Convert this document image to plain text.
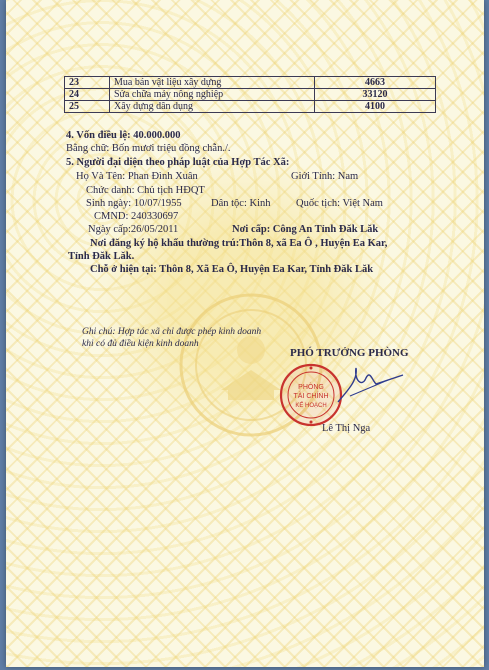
23	Mua bán vật liệu xây dựng	4663
24	Sửa chữa máy nông nghiệp	33120
25	Xây dựng dân dụng	4100
4. Vốn điều lệ: 40.000.000
Bằng chữ: Bốn mươi triệu đồng chẵn./.
5. Người đại diện theo pháp luật của Hợp Tác Xã:
Họ Và Tên: Phan Đình Xuân	Giới Tính: Nam
Chức danh: Chủ tịch HĐQT
Sinh ngày: 10/07/1955	Dân tộc: Kinh Quốc tịch: Việt Nam
CMND: 240330697
Ngày cấp:26/05/2011	Nơi cấp: Công An Tỉnh Đăk Lăk
Nơi đăng ký hộ khẩu thường trú:Thôn 8, xã Ea Ô , Huyện Ea Kar,
Tỉnh Đăk Lăk.
Chỗ ở hiện tại: Thôn 8, Xã Ea Ô, Huyện Ea Kar, Tỉnh Đăk Lăk
Ghi chú: Hợp tác xã chỉ được phép kinh doanh khi có đủ điều kiện kinh doanh
PHÓ TRƯỞNG PHÒNG
PHÒNG
TÀI CHÍNH
KẾ HOẠCH
Lê Thị Nga
